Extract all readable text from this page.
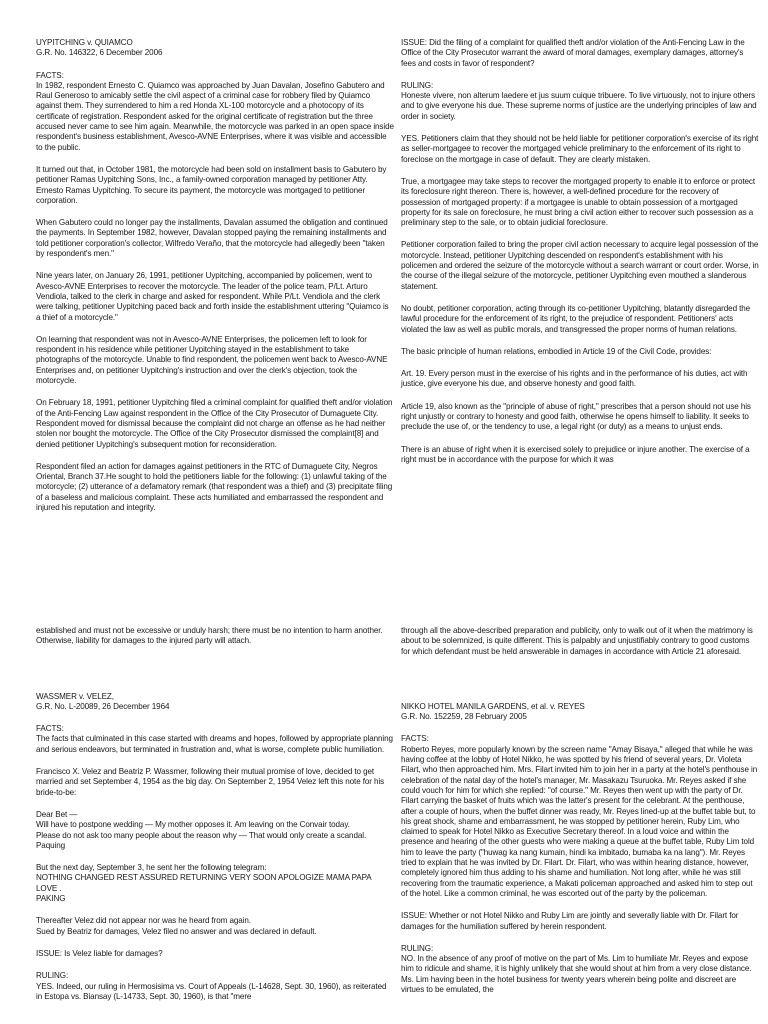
UYPITCHING v. QUIAMCO
G.R. No. 146322, 6 December 2006

FACTS:
In 1982, respondent Ernesto C. Quiamco was approached by Juan Davalan, Josefino Gabutero and Raul Generoso to amicably settle the civil aspect of a criminal case for robbery filed by Quiamco against them. They surrendered to him a red Honda XL-100 motorcycle and a photocopy of its certificate of registration. Respondent asked for the original certificate of registration but the three accused never came to see him again. Meanwhile, the motorcycle was parked in an open space inside respondent's business establishment, Avesco-AVNE Enterprises, where it was visible and accessible to the public.

It turned out that, in October 1981, the motorcycle had been sold on installment basis to Gabutero by petitioner Ramas Uypitching Sons, Inc., a family-owned corporation managed by petitioner Atty. Ernesto Ramas Uypitching. To secure its payment, the motorcycle was mortgaged to petitioner corporation.

When Gabutero could no longer pay the installments, Davalan assumed the obligation and continued the payments. In September 1982, however, Davalan stopped paying the remaining installments and told petitioner corporation's collector, Wilfredo Veraño, that the motorcycle had allegedly been "taken by respondent's men."

Nine years later, on January 26, 1991, petitioner Uypitching, accompanied by policemen, went to Avesco-AVNE Enterprises to recover the motorcycle. The leader of the police team, P/Lt. Arturo Vendiola, talked to the clerk in charge and asked for respondent. While P/Lt. Vendiola and the clerk were talking, petitioner Uypitching paced back and forth inside the establishment uttering "Quiamco is a thief of a motorcycle."

On learning that respondent was not in Avesco-AVNE Enterprises, the policemen left to look for respondent in his residence while petitioner Uypitching stayed in the establishment to take photographs of the motorcycle. Unable to find respondent, the policemen went back to Avesco-AVNE Enterprises and, on petitioner Uypitching's instruction and over the clerk's objection, took the motorcycle.

On February 18, 1991, petitioner Uypitching filed a criminal complaint for qualified theft and/or violation of the Anti-Fencing Law against respondent in the Office of the City Prosecutor of Dumaguete City. Respondent moved for dismissal because the complaint did not charge an offense as he had neither stolen nor bought the motorcycle. The Office of the City Prosecutor dismissed the complaint[8] and denied petitioner Uypitching's subsequent motion for reconsideration.

Respondent filed an action for damages against petitioners in the RTC of Dumaguete City, Negros Oriental, Branch 37.He sought to hold the petitioners liable for the following: (1) unlawful taking of the motorcycle; (2) utterance of a defamatory remark (that respondent was a thief) and (3) precipitate filing of a baseless and malicious complaint. These acts humiliated and embarrassed the respondent and injured his reputation and integrity.

ISSUE: Did the filing of a complaint for qualified theft and/or violation of the Anti-Fencing Law in the Office of the City Prosecutor warrant the award of moral damages, exemplary damages, attorney's fees and costs in favor of respondent?

RULING:
Honeste vivere, non alterum laedere et jus suum cuique tribuere. To live virtuously, not to injure others and to give everyone his due. These supreme norms of justice are the underlying principles of law and order in society.

YES. Petitioners claim that they should not be held liable for petitioner corporation's exercise of its right as seller-mortgagee to recover the mortgaged vehicle preliminary to the enforcement of its right to foreclose on the mortgage in case of default. They are clearly mistaken.

True, a mortgagee may take steps to recover the mortgaged property to enable it to enforce or protect its foreclosure right thereon. There is, however, a well-defined procedure for the recovery of possession of mortgaged property: if a mortgagee is unable to obtain possession of a mortgaged property for its sale on foreclosure, he must bring a civil action either to recover such possession as a preliminary step to the sale, or to obtain judicial foreclosure.

Petitioner corporation failed to bring the proper civil action necessary to acquire legal possession of the motorcycle. Instead, petitioner Uypitching descended on respondent's establishment with his policemen and ordered the seizure of the motorcycle without a search warrant or court order. Worse, in the course of the illegal seizure of the motorcycle, petitioner Uypitching even mouthed a slanderous statement.

No doubt, petitioner corporation, acting through its co-petitioner Uypitching, blatantly disregarded the lawful procedure for the enforcement of its right, to the prejudice of respondent. Petitioners' acts violated the law as well as public morals, and transgressed the proper norms of human relations.

The basic principle of human relations, embodied in Article 19 of the Civil Code, provides:

Art. 19. Every person must in the exercise of his rights and in the performance of his duties, act with justice, give everyone his due, and observe honesty and good faith.

Article 19, also known as the "principle of abuse of right," prescribes that a person should not use his right unjustly or contrary to honesty and good faith, otherwise he opens himself to liability. It seeks to preclude the use of, or the tendency to use, a legal right (or duty) as a means to unjust ends.

There is an abuse of right when it is exercised solely to prejudice or injure another. The exercise of a right must be in accordance with the purpose for which it was

established and must not be excessive or unduly harsh; there must be no intention to harm another. Otherwise, liability for damages to the injured party will attach.

WASSMER v. VELEZ,
G.R. No. L-20089, 26 December 1964

FACTS:
The facts that culminated in this case started with dreams and hopes, followed by appropriate planning and serious endeavors, but terminated in frustration and, what is worse, complete public humiliation.

Francisco X. Velez and Beatriz P. Wassmer, following their mutual promise of love, decided to get married and set September 4, 1954 as the big day. On September 2, 1954 Velez left this note for his bride-to-be:

Dear Bet —
Will have to postpone wedding — My mother opposes it. Am leaving on the Convair today.
Please do not ask too many people about the reason why — That would only create a scandal.
Paquing

But the next day, September 3, he sent her the following telegram:
NOTHING CHANGED REST ASSURED RETURNING VERY SOON APOLOGIZE MAMA PAPA LOVE .
PAKING

Thereafter Velez did not appear nor was he heard from again.
Sued by Beatriz for damages, Velez filed no answer and was declared in default.

ISSUE: Is Velez liable for damages?

RULING:
YES. Indeed, our ruling in Hermosisima vs. Court of Appeals (L-14628, Sept. 30, 1960), as reiterated in Estopa vs. Biansay (L-14733, Sept. 30, 1960), is that "mere

through all the above-described preparation and publicity, only to walk out of it when the matrimony is about to be solemnized, is quite different. This is palpably and unjustifiably contrary to good customs for which defendant must be held answerable in damages in accordance with Article 21 aforesaid.

NIKKO HOTEL MANILA GARDENS, et al. v. REYES
G.R. No. 152259, 28 February 2005

FACTS:
Roberto Reyes, more popularly known by the screen name "Amay Bisaya," alleged that while he was having coffee at the lobby of Hotel Nikko, he was spotted by his friend of several years, Dr. Violeta Filart, who then approached him. Mrs. Filart invited him to join her in a party at the hotel's penthouse in celebration of the natal day of the hotel's manager, Mr. Masakazu Tsuruoka. Mr. Reyes asked if she could vouch for him for which she replied: "of course." Mr. Reyes then went up with the party of Dr. Filart carrying the basket of fruits which was the latter's present for the celebrant. At the penthouse, after a couple of hours, when the buffet dinner was ready, Mr. Reyes lined-up at the buffet table but, to his great shock, shame and embarrassment, he was stopped by petitioner herein, Ruby Lim, who claimed to speak for Hotel Nikko as Executive Secretary thereof. In a loud voice and within the presence and hearing of the other guests who were making a queue at the buffet table, Ruby Lim told him to leave the party ("huwag ka nang kumain, hindi ka imbitado, bumaba ka na lang"). Mr. Reyes tried to explain that he was invited by Dr. Filart. Dr. Filart, who was within hearing distance, however, completely ignored him thus adding to his shame and humiliation. Not long after, while he was still recovering from the traumatic experience, a Makati policeman approached and asked him to step out of the hotel. Like a common criminal, he was escorted out of the party by the policeman.

ISSUE: Whether or not Hotel Nikko and Ruby Lim are jointly and severally liable with Dr. Filart for damages for the humiliation suffered by herein respondent.

RULING:
NO. In the absence of any proof of motive on the part of Ms. Lim to humiliate Mr. Reyes and expose him to ridicule and shame, it is highly unlikely that she would shout at him from a very close distance. Ms. Lim having been in the hotel business for twenty years wherein being polite and discreet are virtues to be emulated, the
